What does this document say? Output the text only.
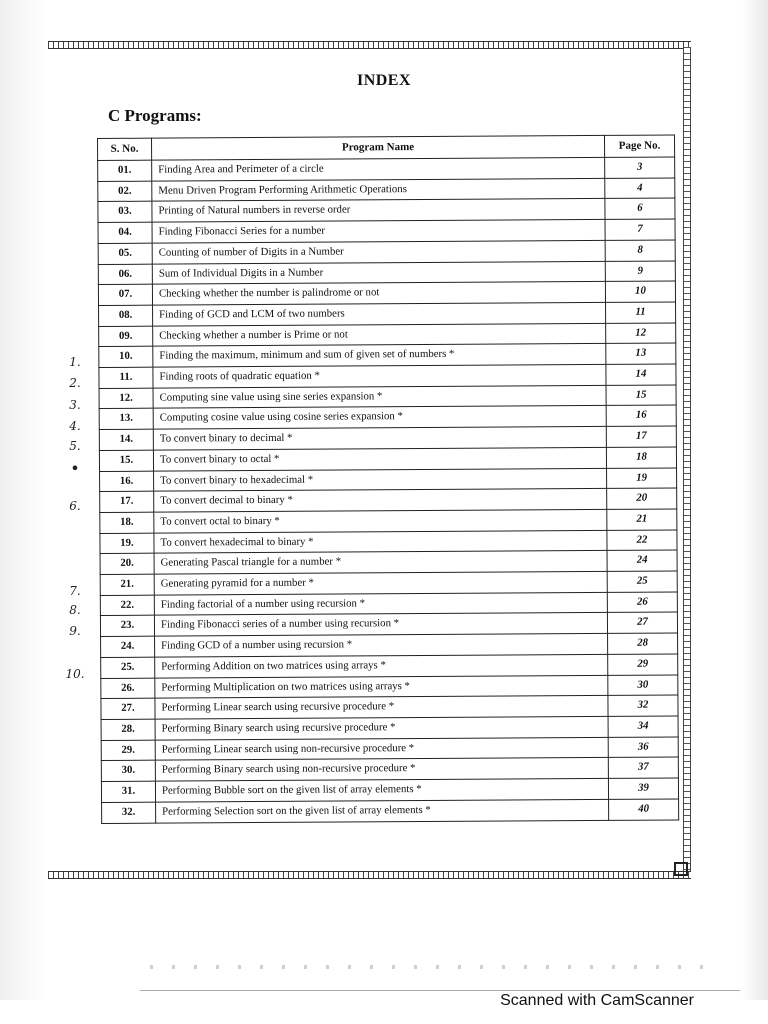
INDEX
C Programs:
S. No.	Program Name	Page No.
01.	Finding Area and Perimeter of a circle	3
02.	Menu Driven Program Performing Arithmetic Operations	4
03.	Printing of Natural numbers in reverse order	6
04.	Finding Fibonacci Series for a number	7
05.	Counting of number of Digits in a Number	8
06.	Sum of Individual Digits in a Number	9
07.	Checking whether the number is palindrome or not	10
08.	Finding of GCD and LCM of two numbers	11
09.	Checking whether a number is Prime or not	12
10.	Finding the maximum, minimum and sum of given set of numbers *	13
11.	Finding roots of quadratic equation *	14
12.	Computing sine value using sine series expansion *	15
13.	Computing cosine value using cosine series expansion *	16
14.	To convert binary to decimal *	17
15.	To convert binary to octal *	18
16.	To convert binary to hexadecimal *	19
17.	To convert decimal to binary *	20
18.	To convert octal to binary *	21
19.	To convert hexadecimal to binary *	22
20.	Generating Pascal triangle for a number *	24
21.	Generating pyramid for a number *	25
22.	Finding factorial of a number using recursion *	26
23.	Finding Fibonacci series of a number using recursion *	27
24.	Finding GCD of a number using recursion *	28
25.	Performing Addition on two matrices using arrays *	29
26.	Performing Multiplication on two matrices using arrays *	30
27.	Performing Linear search using recursive procedure *	32
28.	Performing Binary search using recursive procedure *	34
29.	Performing Linear search using non-recursive procedure *	36
30.	Performing Binary search using non-recursive procedure *	37
31.	Performing Bubble sort on the given list of array elements *	39
32.	Performing Selection sort on the given list of array elements *	40
1.
2.
3.
4.
5.
•
6.
7.
8.
9.
10.
Scanned with CamScanner
